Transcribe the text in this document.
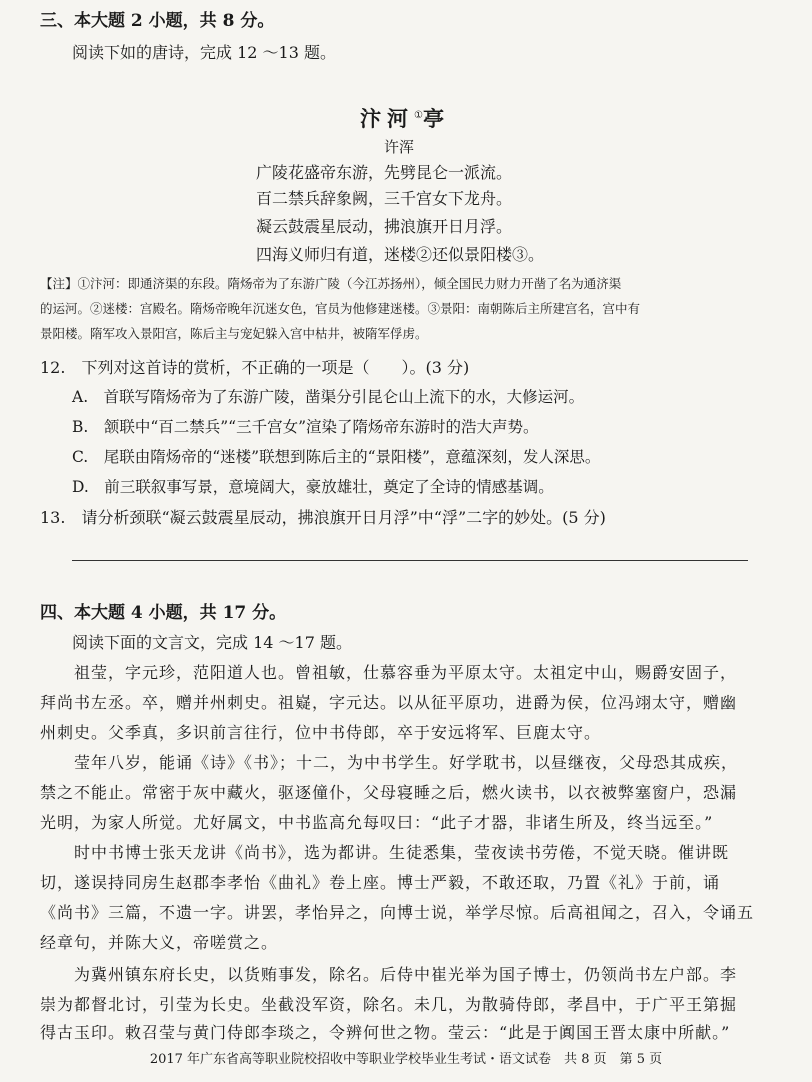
三、本大题 2 小题，共 8 分。
阅读下如的唐诗，完成 12 ～13 题。
汴河①亭
许浑
广陵花盛帝东游，先劈昆仑一派流。
百二禁兵辞象阙，三千宫女下龙舟。
凝云鼓震星辰动，拂浪旗开日月浮。
四海义师归有道，迷楼②还似景阳楼③。
【注】①汴河：即通济渠的东段。隋炀帝为了东游广陵（今江苏扬州），倾全国民力财力开凿了名为通济渠
的运河。②迷楼：宫殿名。隋炀帝晚年沉迷女色，官员为他修建迷楼。③景阳：南朝陈后主所建宫名，宫中有
景阳楼。隋军攻入景阳宫，陈后主与宠妃躲入宫中枯井，被隋军俘虏。
12.　下列对这首诗的赏析，不正确的一项是（　　）。(3 分)
A.　首联写隋炀帝为了东游广陵，凿渠分引昆仑山上流下的水，大修运河。
B.　颔联中“百二禁兵”“三千宫女”渲染了隋炀帝东游时的浩大声势。
C.　尾联由隋炀帝的“迷楼”联想到陈后主的“景阳楼”，意蕴深刻，发人深思。
D.　前三联叙事写景，意境阔大，豪放雄壮，奠定了全诗的情感基调。
13.　请分析颈联“凝云鼓震星辰动，拂浪旗开日月浮”中“浮”二字的妙处。(5 分)
四、本大题 4 小题，共 17 分。
阅读下面的文言文，完成 14 ～17 题。
　　祖莹，字元珍，范阳道人也。曾祖敏，仕慕容垂为平原太守。太祖定中山，赐爵安固子，
拜尚书左丞。卒，赠并州刺史。祖嶷，字元达。以从征平原功，进爵为侯，位冯翊太守，赠幽
州刺史。父季真，多识前言往行，位中书侍郎，卒于安远将军、巨鹿太守。
　　莹年八岁，能诵《诗》《书》；十二，为中书学生。好学耽书，以昼继夜，父母恐其成疾，
禁之不能止。常密于灰中藏火，驱逐僮仆，父母寝睡之后，燃火读书，以衣被弊塞窗户，恐漏
光明，为家人所觉。尤好属文，中书监高允每叹曰：“此子才器，非诸生所及，终当远至。”
　　时中书博士张天龙讲《尚书》，选为都讲。生徒悉集，莹夜读书劳倦，不觉天晓。催讲既
切，遂误持同房生赵郡李孝怡《曲礼》卷上座。博士严毅，不敢还取，乃置《礼》于前，诵
《尚书》三篇，不遗一字。讲罢，孝怡异之，向博士说，举学尽惊。后高祖闻之，召入，令诵五
经章句，并陈大义，帝嗟赏之。
　　为冀州镇东府长史，以货贿事发，除名。后侍中崔光举为国子博士，仍领尚书左户部。李
崇为都督北讨，引莹为长史。坐截没军资，除名。未几，为散骑侍郎，孝昌中，于广平王第掘
得古玉印。敕召莹与黄门侍郎李琰之，令辨何世之物。莹云：“此是于阗国王晋太康中所献。”
2017 年广东省高等职业院校招收中等职业学校毕业生考试・语文试卷　共 8 页　第 5 页
